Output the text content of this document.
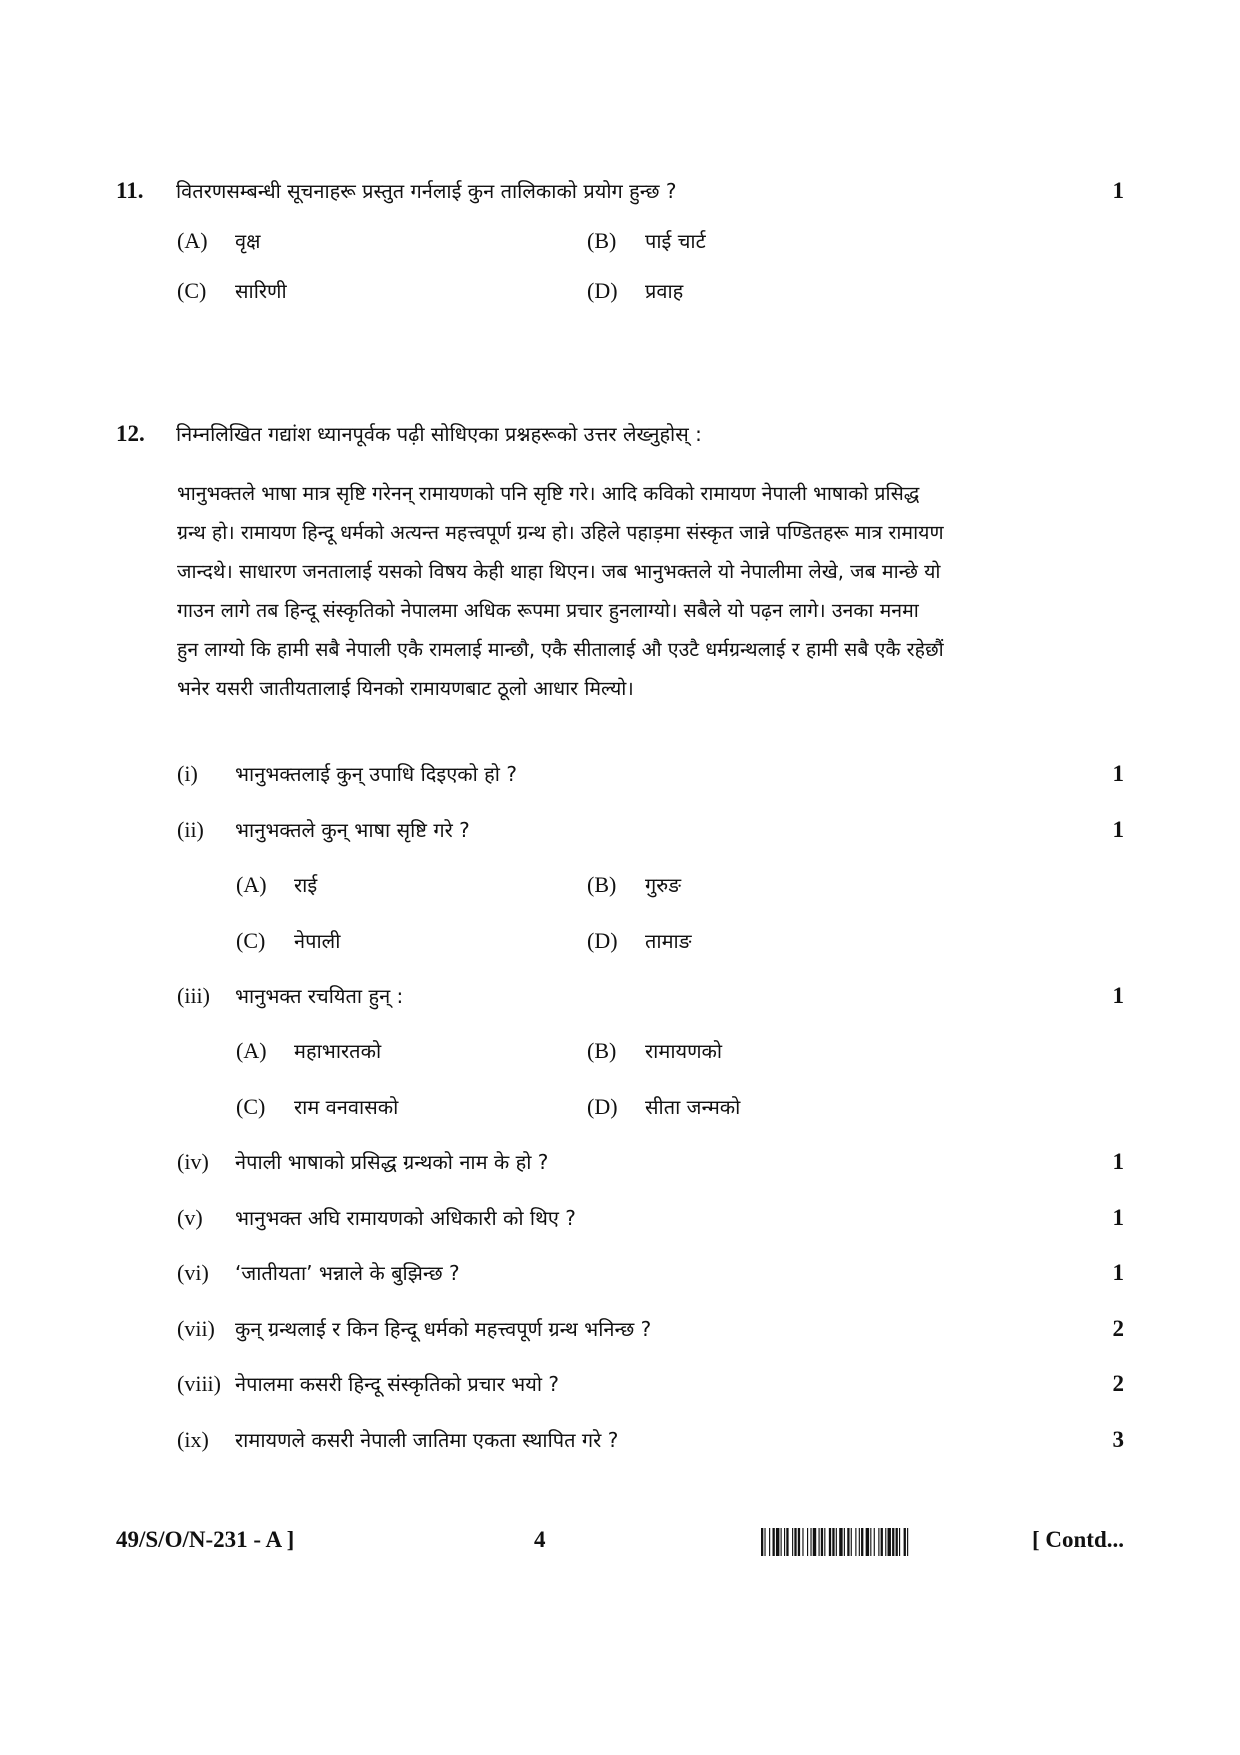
11.	वितरणसम्बन्धी सूचनाहरू प्रस्तुत गर्नलाई कुन तालिकाको प्रयोग हुन्छ ?	1
(A)	वृक्ष	(B)	पाई चार्ट
(C)	सारिणी	(D)	प्रवाह
12.	निम्नलिखित गद्यांश ध्यानपूर्वक पढ़ी सोधिएका प्रश्नहरूको उत्तर लेख्नुहोस् :
भानुभक्तले भाषा मात्र सृष्टि गरेनन् रामायणको पनि सृष्टि गरे। आदि कविको रामायण नेपाली भाषाको प्रसिद्ध
ग्रन्थ हो। रामायण हिन्दू धर्मको अत्यन्त महत्त्वपूर्ण ग्रन्थ हो। उहिले पहाड़मा संस्कृत जान्ने पण्डितहरू मात्र रामायण
जान्दथे। साधारण जनतालाई यसको विषय केही थाहा थिएन। जब भानुभक्तले यो नेपालीमा लेखे, जब मान्छे यो
गाउन लागे तब हिन्दू संस्कृतिको नेपालमा अधिक रूपमा प्रचार हुनलाग्यो। सबैले यो पढ़न लागे। उनका मनमा
हुन लाग्यो कि हामी सबै नेपाली एकै रामलाई मान्छौ, एकै सीतालाई औ एउटै धर्मग्रन्थलाई र हामी सबै एकै रहेछौं
भनेर यसरी जातीयतालाई यिनको रामायणबाट ठूलो आधार मिल्यो।
(i)	भानुभक्तलाई कुन् उपाधि दिइएको हो ?	1
(ii)	भानुभक्तले कुन् भाषा सृष्टि गरे ?	1
(A)	राई	(B)	गुरुङ
(C)	नेपाली	(D)	तामाङ
(iii)	भानुभक्त रचयिता हुन् :	1
(A)	महाभारतको	(B)	रामायणको
(C)	राम वनवासको	(D)	सीता जन्मको
(iv)	नेपाली भाषाको प्रसिद्ध ग्रन्थको नाम के हो ?	1
(v)	भानुभक्त अघि रामायणको अधिकारी को थिए ?	1
(vi)	‘जातीयता’ भन्नाले के बुझिन्छ ?	1
(vii)	कुन् ग्रन्थलाई र किन हिन्दू धर्मको महत्त्वपूर्ण ग्रन्थ भनिन्छ ?	2
(viii) नेपालमा कसरी हिन्दू संस्कृतिको प्रचार भयो ?	2
(ix)	रामायणले कसरी नेपाली जातिमा एकता स्थापित गरे ?	3
49/S/O/N-231 - A ]	4	[ Contd...
